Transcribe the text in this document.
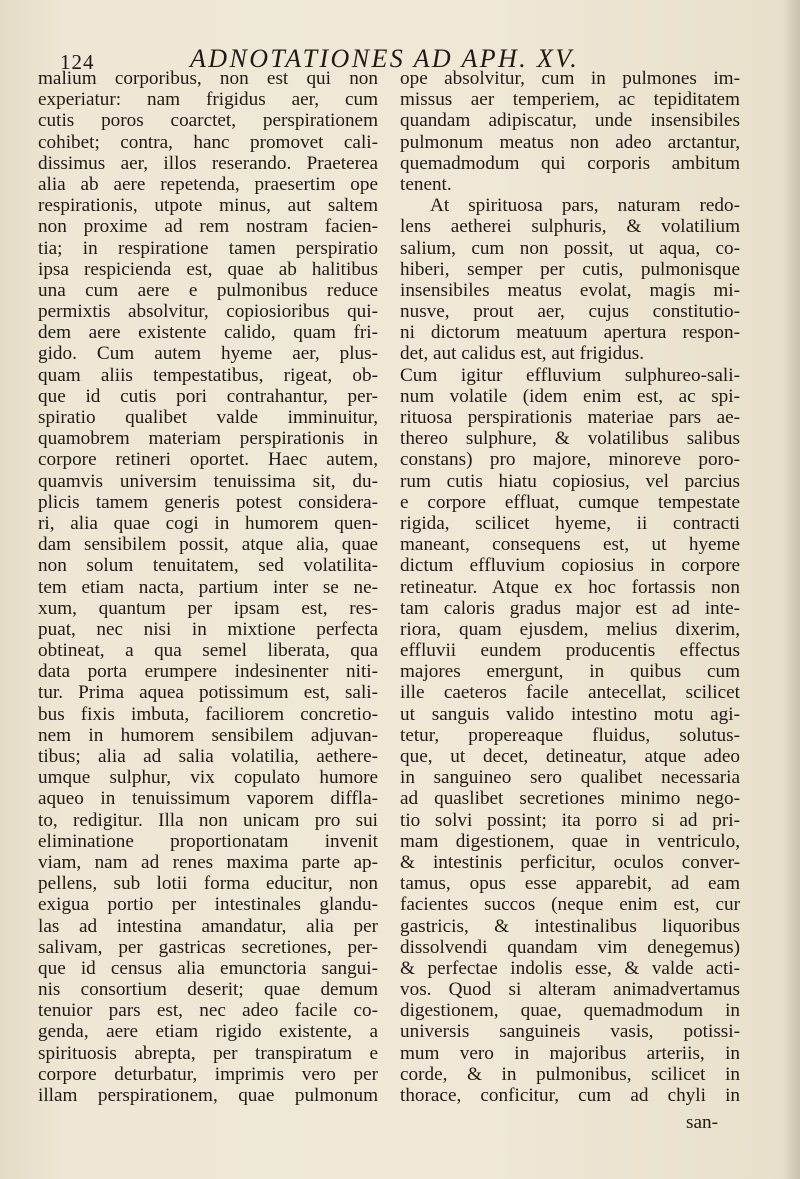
124	ADNOTATIONES AD APH. XV.
malium corporibus, non est qui non
experiatur: nam frigidus aer, cum
cutis poros coarctet, perspirationem
cohibet; contra, hanc promovet cali-
dissimus aer, illos reserando. Praeterea
alia ab aere repetenda, praesertim ope
respirationis, utpote minus, aut saltem
non proxime ad rem nostram facien-
tia; in respiratione tamen perspiratio
ipsa respicienda est, quae ab halitibus
una cum aere e pulmonibus reduce
permixtis absolvitur, copiosioribus qui-
dem aere existente calido, quam fri-
gido. Cum autem hyeme aer, plus-
quam aliis tempestatibus, rigeat, ob-
que id cutis pori contrahantur, per-
spiratio qualibet valde imminuitur,
quamobrem materiam perspirationis in
corpore retineri oportet. Haec autem,
quamvis universim tenuissima sit, du-
plicis tamem generis potest considera-
ri, alia quae cogi in humorem quen-
dam sensibilem possit, atque alia, quae
non solum tenuitatem, sed volatilita-
tem etiam nacta, partium inter se ne-
xum, quantum per ipsam est, res-
puat, nec nisi in mixtione perfecta
obtineat, a qua semel liberata, qua
data porta erumpere indesinenter niti-
tur. Prima aquea potissimum est, sali-
bus fixis imbuta, faciliorem concretio-
nem in humorem sensibilem adjuvan-
tibus; alia ad salia volatilia, aethere-
umque sulphur, vix copulato humore
aqueo in tenuissimum vaporem diffla-
to, redigitur. Illa non unicam pro sui
eliminatione proportionatam invenit
viam, nam ad renes maxima parte ap-
pellens, sub lotii forma educitur, non
exigua portio per intestinales glandu-
las ad intestina amandatur, alia per
salivam, per gastricas secretiones, per-
que id census alia emunctoria sangui-
nis consortium deserit; quae demum
tenuior pars est, nec adeo facile co-
genda, aere etiam rigido existente, a
spirituosis abrepta, per transpiratum e
corpore deturbatur, imprimis vero per
illam perspirationem, quae pulmonum
ope absolvitur, cum in pulmones im-
missus aer temperiem, ac tepiditatem
quandam adipiscatur, unde insensibiles
pulmonum meatus non adeo arctantur,
quemadmodum qui corporis ambitum
tenent.
At spirituosa pars, naturam redo-
lens aetherei sulphuris, & volatilium
salium, cum non possit, ut aqua, co-
hiberi, semper per cutis, pulmonisque
insensibiles meatus evolat, magis mi-
nusve, prout aer, cujus constitutio-
ni dictorum meatuum apertura respon-
det, aut calidus est, aut frigidus.
Cum igitur effluvium sulphureo-sali-
num volatile (idem enim est, ac spi-
rituosa perspirationis materiae pars ae-
thereo sulphure, & volatilibus salibus
constans) pro majore, minoreve poro-
rum cutis hiatu copiosius, vel parcius
e corpore effluat, cumque tempestate
rigida, scilicet hyeme, ii contracti
maneant, consequens est, ut hyeme
dictum effluvium copiosius in corpore
retineatur. Atque ex hoc fortassis non
tam caloris gradus major est ad inte-
riora, quam ejusdem, melius dixerim,
effluvii eundem producentis effectus
majores emergunt, in quibus cum
ille caeteros facile antecellat, scilicet
ut sanguis valido intestino motu agi-
tetur, propereaque fluidus, solutus-
que, ut decet, detineatur, atque adeo
in sanguineo sero qualibet necessaria
ad quaslibet secretiones minimo nego-
tio solvi possint; ita porro si ad pri-
mam digestionem, quae in ventriculo,
& intestinis perficitur, oculos conver-
tamus, opus esse apparebit, ad eam
facientes succos (neque enim est, cur
gastricis, & intestinalibus liquoribus
dissolvendi quandam vim denegemus)
& perfectae indolis esse, & valde acti-
vos. Quod si alteram animadvertamus
digestionem, quae, quemadmodum in
universis sanguineis vasis, potissi-
mum vero in majoribus arteriis, in
corde, & in pulmonibus, scilicet in
thorace, conficitur, cum ad chyli in
san-
